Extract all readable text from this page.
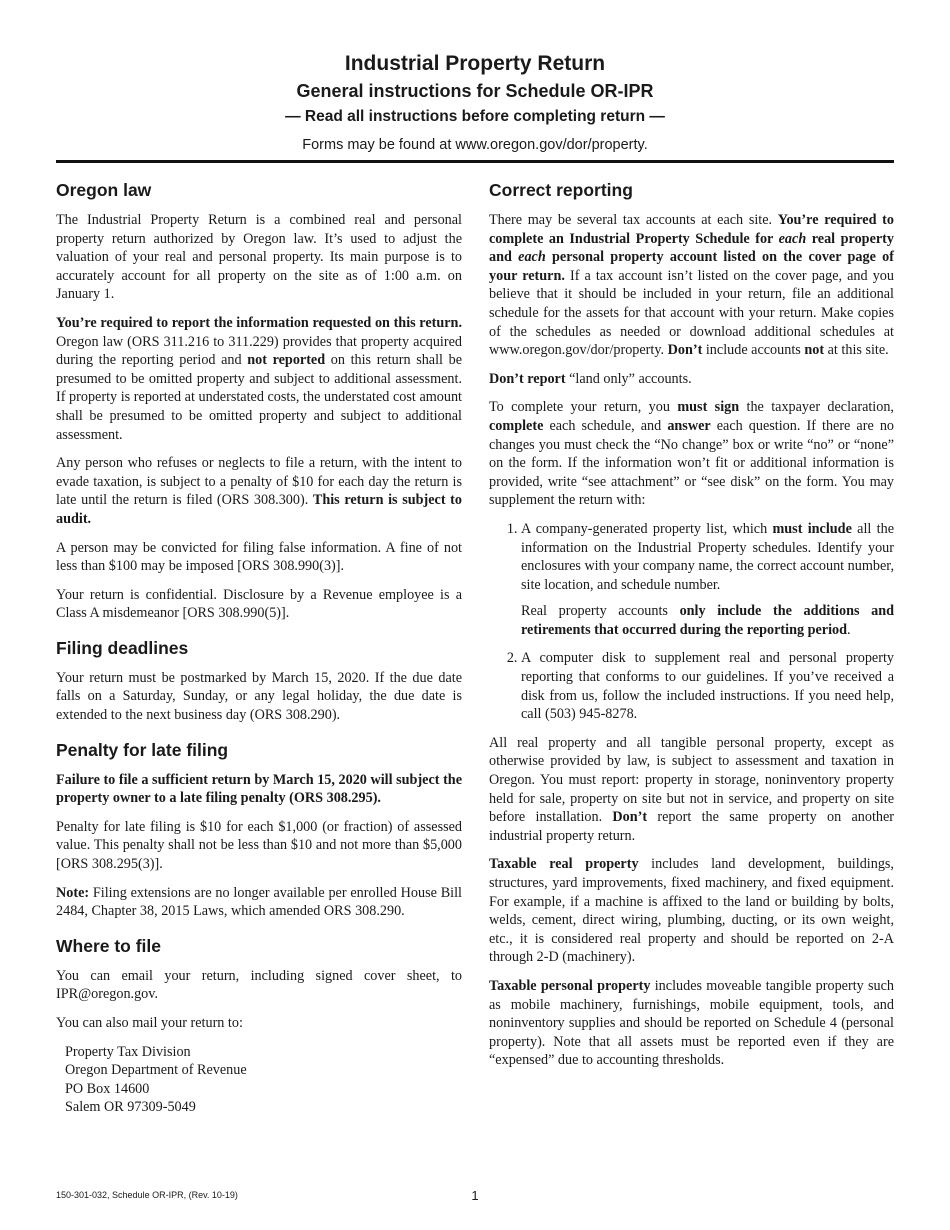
Industrial Property Return
General instructions for Schedule OR-IPR
— Read all instructions before completing return —
Forms may be found at www.oregon.gov/dor/property.
Oregon law

The Industrial Property Return is a combined real and personal property return authorized by Oregon law. It’s used to adjust the valuation of your real and personal property. Its main purpose is to accurately account for all property on the site as of 1:00 a.m. on January 1.

You’re required to report the information requested on this return. Oregon law (ORS 311.216 to 311.229) provides that property acquired during the reporting period and not reported on this return shall be presumed to be omitted property and subject to additional assessment. If property is reported at understated costs, the understated cost amount shall be presumed to be omitted property and subject to additional assessment.

Any person who refuses or neglects to file a return, with the intent to evade taxation, is subject to a penalty of $10 for each day the return is late until the return is filed (ORS 308.300). This return is subject to audit.

A person may be convicted for filing false information. A fine of not less than $100 may be imposed [ORS 308.990(3)].

Your return is confidential. Disclosure by a Revenue employee is a Class A misdemeanor [ORS 308.990(5)].

Filing deadlines

Your return must be postmarked by March 15, 2020. If the due date falls on a Saturday, Sunday, or any legal holiday, the due date is extended to the next business day (ORS 308.290).

Penalty for late filing

Failure to file a sufficient return by March 15, 2020 will subject the property owner to a late filing penalty (ORS 308.295).

Penalty for late filing is $10 for each $1,000 (or fraction) of assessed value. This penalty shall not be less than $10 and not more than $5,000 [ORS 308.295(3)].

Note: Filing extensions are no longer available per enrolled House Bill 2484, Chapter 38, 2015 Laws, which amended ORS 308.290.

Where to file

You can email your return, including signed cover sheet, to IPR@oregon.gov.

You can also mail your return to:

Property Tax Division
Oregon Department of Revenue
PO Box 14600
Salem OR 97309-5049
Correct reporting

There may be several tax accounts at each site. You’re required to complete an Industrial Property Schedule for each real property and each personal property account listed on the cover page of your return. If a tax account isn’t listed on the cover page, and you believe that it should be included in your return, file an additional schedule for the assets for that account with your return. Make copies of the schedules as needed or download additional schedules at www.oregon.gov/dor/property. Don’t include accounts not at this site.

Don’t report “land only” accounts.

To complete your return, you must sign the taxpayer declaration, complete each schedule, and answer each question. If there are no changes you must check the “No change” box or write “no” or “none” on the form. If the information won’t fit or additional information is provided, write “see attachment” or “see disk” on the form. You may supplement the return with:

1. A company-generated property list, which must include all the information on the Industrial Property schedules. Identify your enclosures with your company name, the correct account number, site location, and schedule number.

Real property accounts only include the additions and retirements that occurred during the reporting period.

2. A computer disk to supplement real and personal property reporting that conforms to our guidelines. If you’ve received a disk from us, follow the included instructions. If you need help, call (503) 945-8278.

All real property and all tangible personal property, except as otherwise provided by law, is subject to assessment and taxation in Oregon. You must report: property in storage, noninventory property held for sale, property on site but not in service, and property on site before installation. Don’t report the same property on another industrial property return.

Taxable real property includes land development, buildings, structures, yard improvements, fixed machinery, and fixed equipment. For example, if a machine is affixed to the land or building by bolts, welds, cement, direct wiring, plumbing, ducting, or its own weight, etc., it is considered real property and should be reported on 2-A through 2-D (machinery).

Taxable personal property includes moveable tangible property such as mobile machinery, furnishings, mobile equipment, tools, and noninventory supplies and should be reported on Schedule 4 (personal property). Note that all assets must be reported even if they are “expensed” due to accounting thresholds.

150-301-032, Schedule OR-IPR, (Rev. 10-19)	1
